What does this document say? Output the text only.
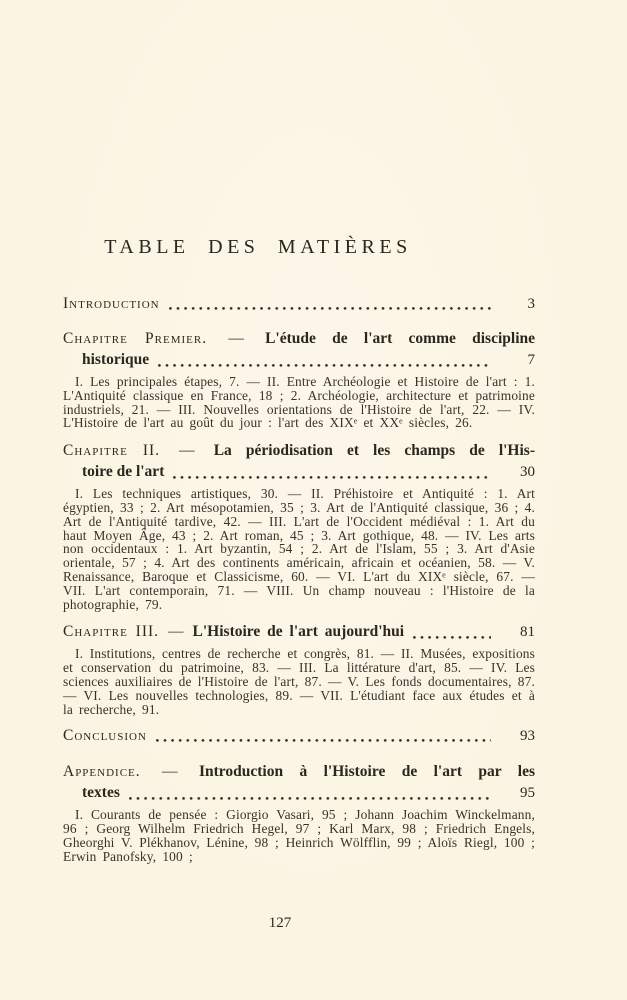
TABLE DES MATIÈRES
Introduction	3
Chapitre Premier. — L'étude de l'art comme discipline
historique	7

I. Les principales étapes, 7. — II. Entre Archéologie et Histoire de l'art : 1. L'Antiquité classique en France, 18 ; 2. Archéologie, architecture et patrimoine industriels, 21. — III. Nouvelles orientations de l'Histoire de l'art, 22. — IV. L'Histoire de l'art au goût du jour : l'art des XIXᵉ et XXᵉ siècles, 26.

Chapitre II. — La périodisation et les champs de l'His-
toire de l'art	30

I. Les techniques artistiques, 30. — II. Préhistoire et Antiquité : 1. Art égyptien, 33 ; 2. Art mésopotamien, 35 ; 3. Art de l'Antiquité classique, 36 ; 4. Art de l'Antiquité tardive, 42. — III. L'art de l'Occident médiéval : 1. Art du haut Moyen Âge, 43 ; 2. Art roman, 45 ; 3. Art gothique, 48. — IV. Les arts non occidentaux : 1. Art byzantin, 54 ; 2. Art de l'Islam, 55 ; 3. Art d'Asie orientale, 57 ; 4. Art des continents américain, africain et océanien, 58. — V. Renaissance, Baroque et Classicisme, 60. — VI. L'art du XIXᵉ siècle, 67. — VII. L'art contemporain, 71. — VIII. Un champ nouveau : l'Histoire de la photographie, 79.

Chapitre III. — L'Histoire de l'art aujourd'hui	81

I. Institutions, centres de recherche et congrès, 81. — II. Musées, expositions et conservation du patrimoine, 83. — III. La littérature d'art, 85. — IV. Les sciences auxiliaires de l'Histoire de l'art, 87. — V. Les fonds documentaires, 87. — VI. Les nouvelles technologies, 89. — VII. L'étudiant face aux études et à la recherche, 91.

Conclusion	93
Appendice. — Introduction à l'Histoire de l'art par les
textes	95

I. Courants de pensée : Giorgio Vasari, 95 ; Johann Joachim Winckelmann, 96 ; Georg Wilhelm Friedrich Hegel, 97 ; Karl Marx, 98 ; Friedrich Engels, Gheorghi V. Plékhanov, Lénine, 98 ; Heinrich Wölfflin, 99 ; Aloïs Riegl, 100 ; Erwin Panofsky, 100 ;

127
